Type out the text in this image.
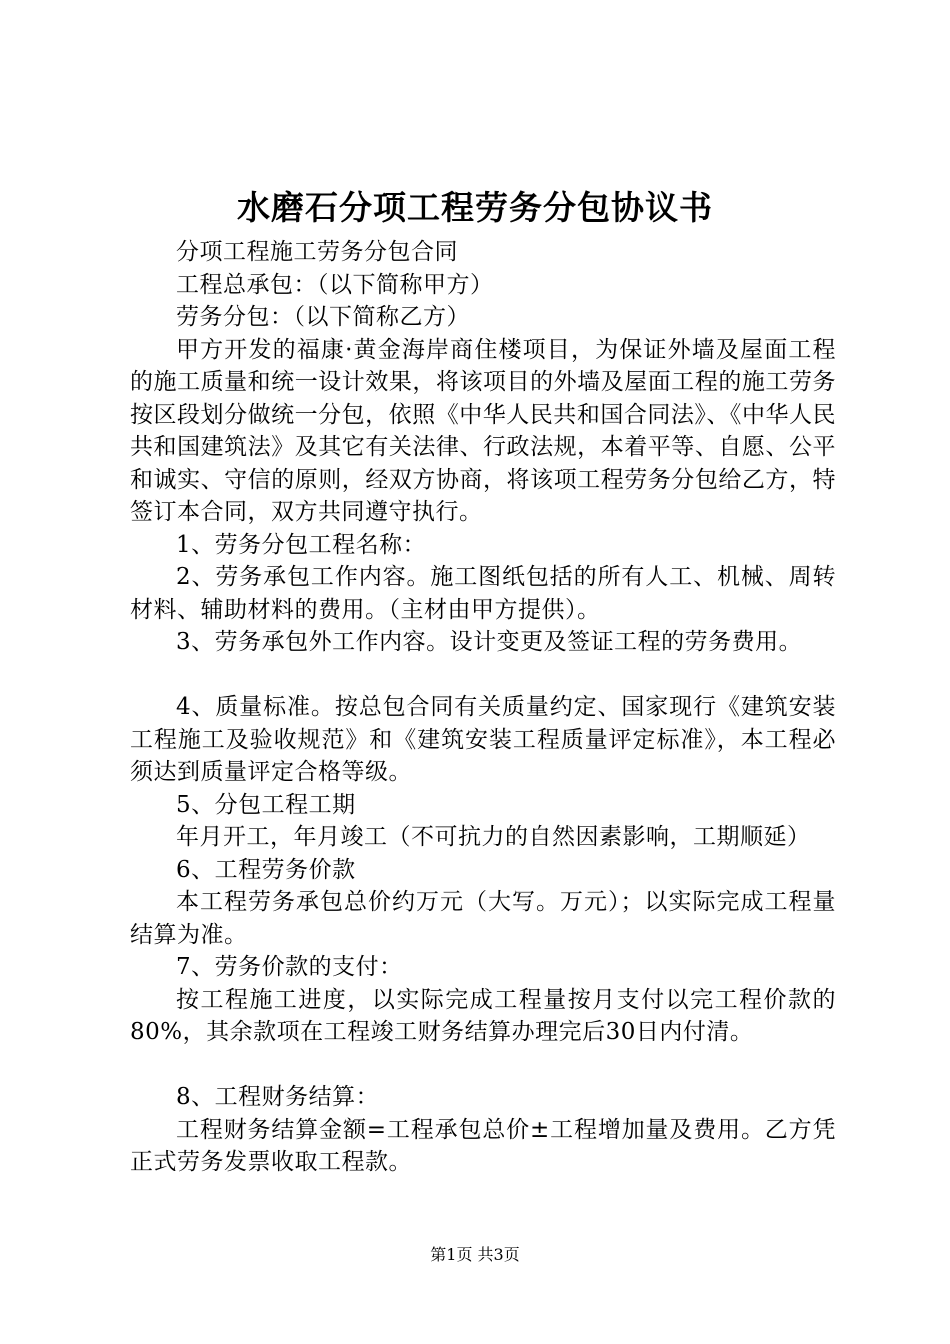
水磨石分项工程劳务分包协议书

分项工程施工劳务分包合同

工程总承包：（以下简称甲方）

劳务分包：（以下简称乙方）

甲方开发的福康·黄金海岸商住楼项目，为保证外墙及屋面工程的施工质量和统一设计效果，将该项目的外墙及屋面工程的施工劳务按区段划分做统一分包，依照《中华人民共和国合同法》、《中华人民共和国建筑法》及其它有关法律、行政法规，本着平等、自愿、公平和诚实、守信的原则，经双方协商，将该项工程劳务分包给乙方，特签订本合同，双方共同遵守执行。

1、劳务分包工程名称：

2、劳务承包工作内容。施工图纸包括的所有人工、机械、周转材料、辅助材料的费用。（主材由甲方提供）。

3、劳务承包外工作内容。设计变更及签证工程的劳务费用。

4、质量标准。按总包合同有关质量约定、国家现行《建筑安装工程施工及验收规范》和《建筑安装工程质量评定标准》，本工程必须达到质量评定合格等级。

5、分包工程工期

年月开工，年月竣工（不可抗力的自然因素影响，工期顺延）

6、工程劳务价款

本工程劳务承包总价约万元（大写。万元）；以实际完成工程量结算为准。

7、劳务价款的支付：

按工程施工进度，以实际完成工程量按月支付以完工程价款的80%，其余款项在工程竣工财务结算办理完后30日内付清。

8、工程财务结算：

工程财务结算金额=工程承包总价±工程增加量及费用。乙方凭正式劳务发票收取工程款。

第1页 共3页
